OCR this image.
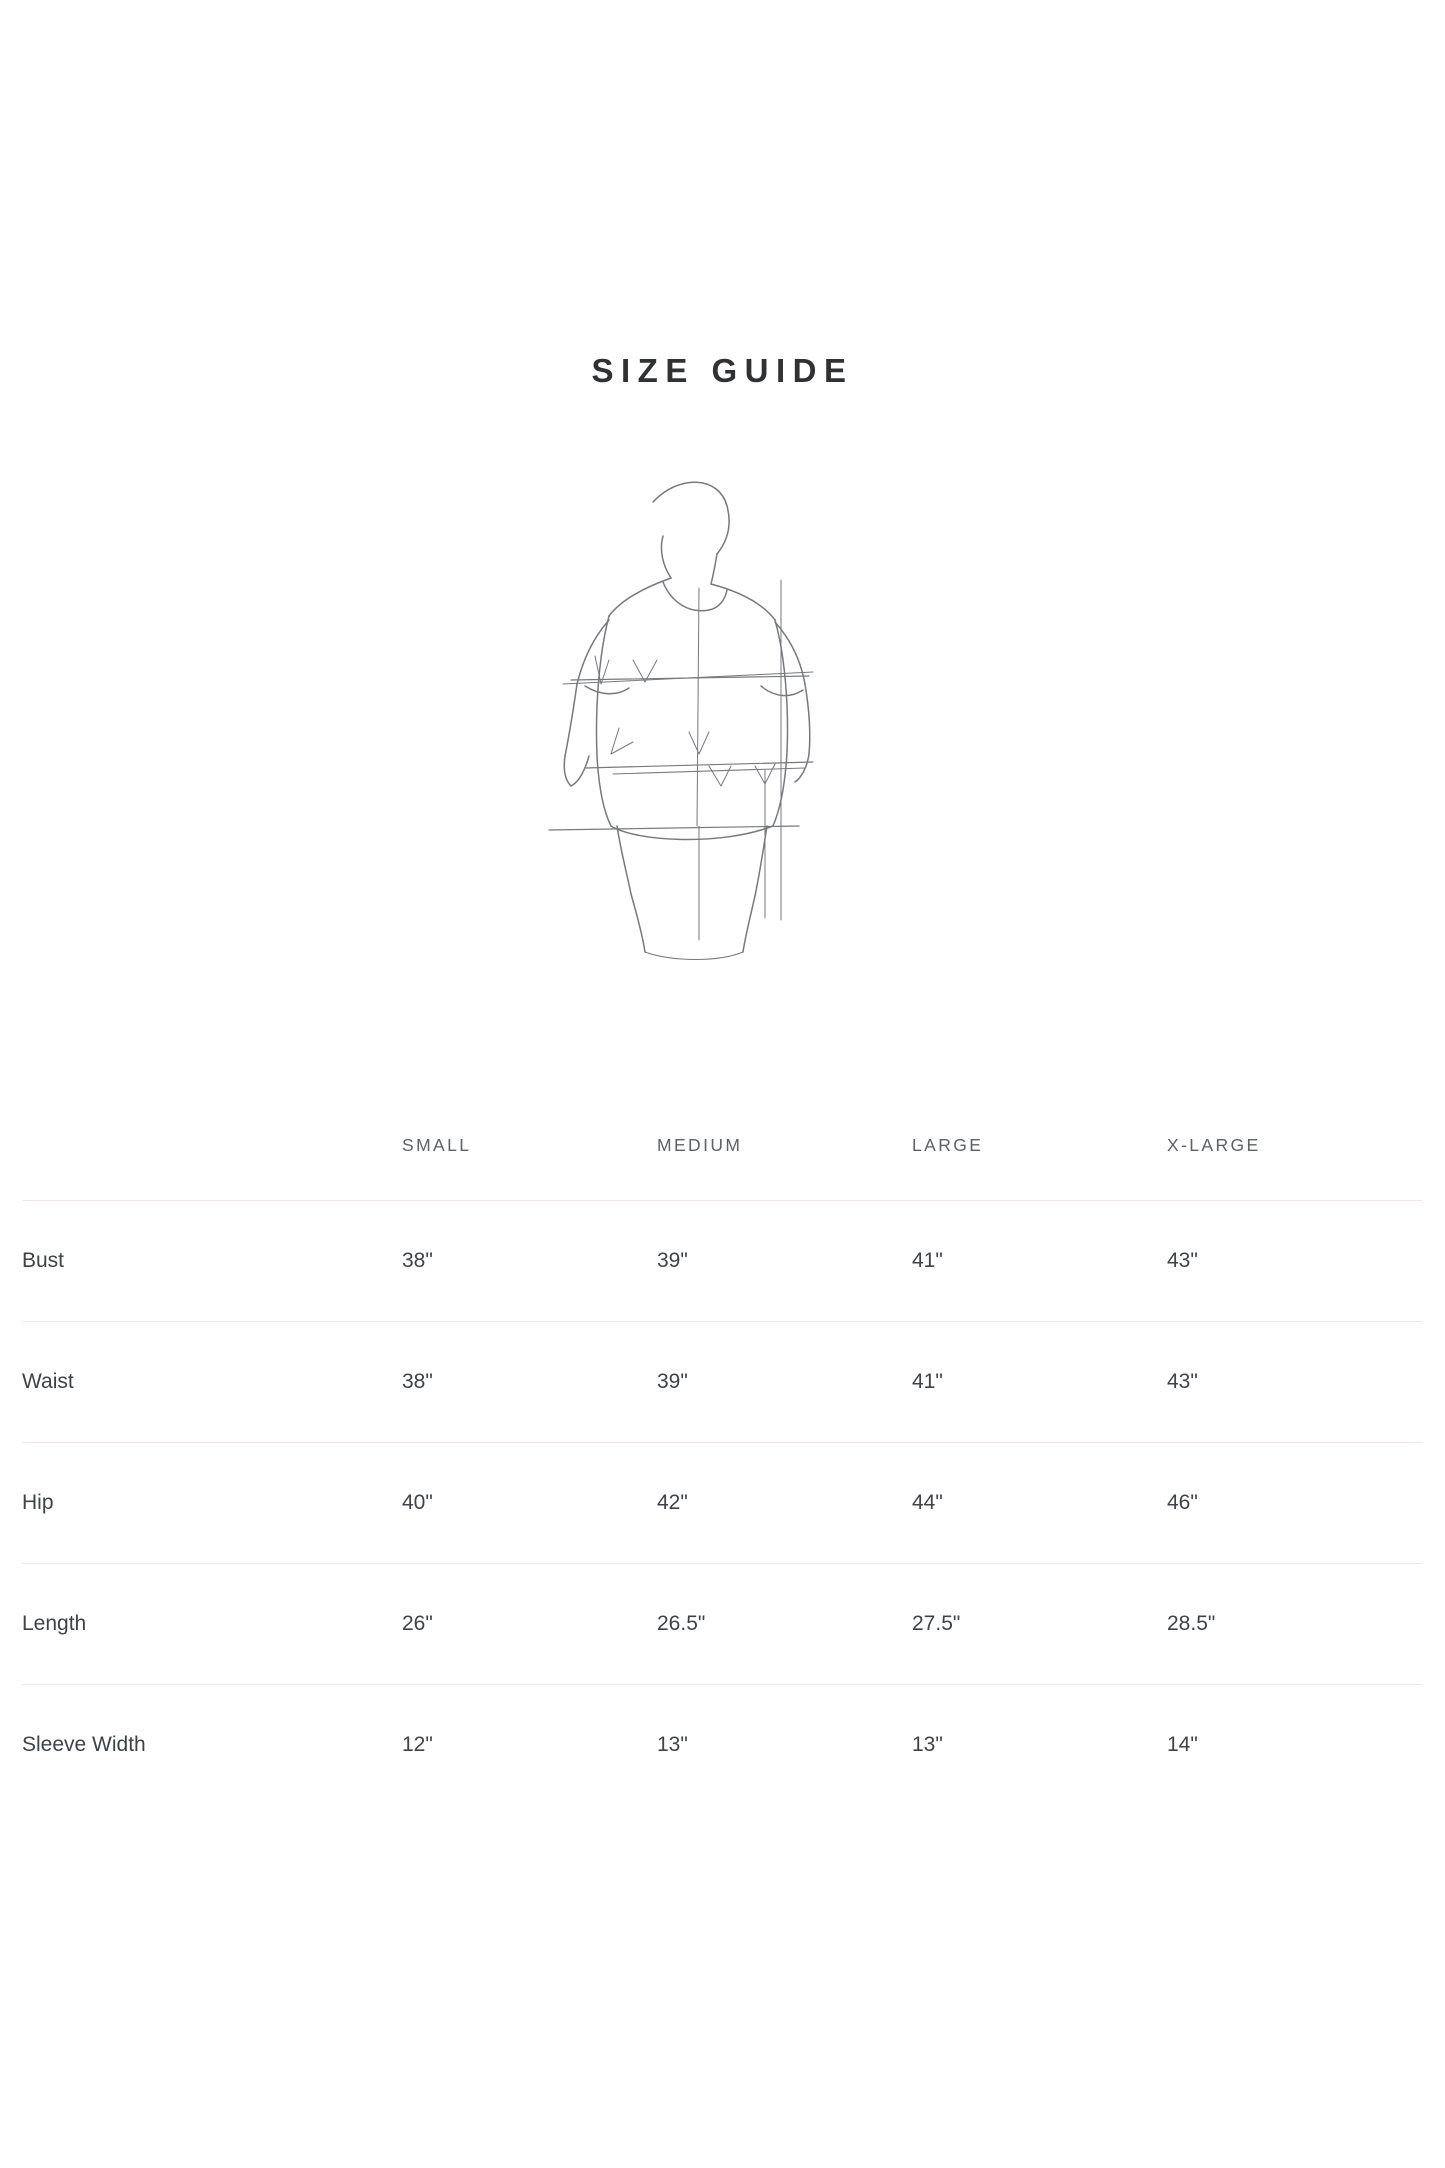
SIZE GUIDE
	SMALL	MEDIUM	LARGE	X-LARGE
Bust	38"	39"	41"	43"
Waist	38"	39"	41"	43"
Hip	40"	42"	44"	46"
Length	26"	26.5"	27.5"	28.5"
Sleeve Width	12"	13"	13"	14"
